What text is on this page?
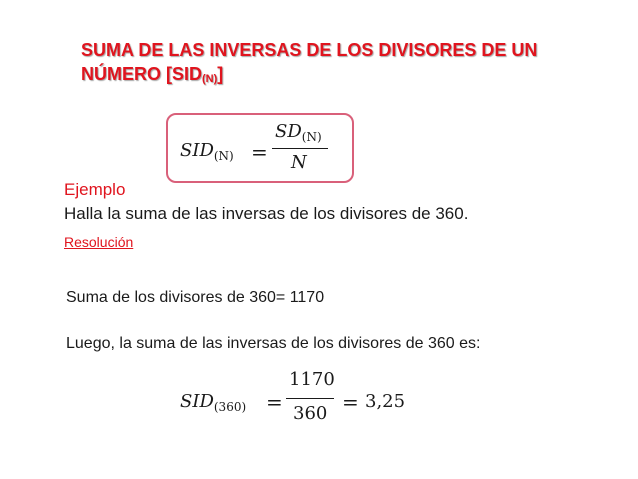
SUMA DE LAS INVERSAS DE LOS DIVISORES DE UN
NÚMERO $[SID_{(N)}]$
$SID_{(N)}$ =
$SD_{(N)}$
N
Ejemplo
Halla la suma de las inversas de los divisores de 360.
Resolución
Suma de los divisores de 360= 1170
Luego, la suma de las inversas de los divisores de 360 es:
$SID_{(360)}$ =
1170
360 = 3,25
